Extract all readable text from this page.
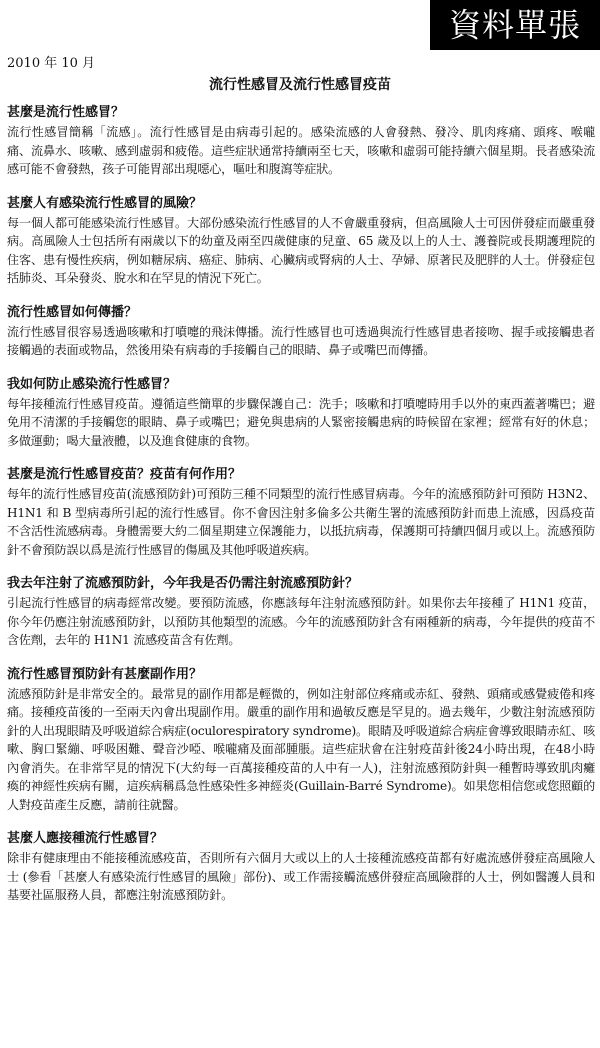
資料單張
2010 年 10 月
流行性感冒及流行性感冒疫苗

甚麼是流行性感冒？

流行性感冒簡稱「流感」。流行性感冒是由病毒引起的。感染流感的人會發熱、發冷、肌肉疼痛、頭疼、喉嚨痛、流鼻水、咳嗽、感到虛弱和疲倦。這些症狀通常持續兩至七天，咳嗽和虛弱可能持續六個星期。長者感染流感可能不會發熱，孩子可能胃部出現噁心，嘔吐和腹瀉等症狀。

甚麼人有感染流行性感冒的風險？

每一個人都可能感染流行性感冒。大部份感染流行性感冒的人不會嚴重發病，但高風險人士可因併發症而嚴重發病。高風險人士包括所有兩歲以下的幼童及兩至四歲健康的兒童、65 歲及以上的人士、護養院或長期護理院的住客、患有慢性疾病，例如糖尿病、癌症、肺病、心臟病或腎病的人士、孕婦、原著民及肥胖的人士。併發症包括肺炎、耳朵發炎、脫水和在罕見的情況下死亡。

流行性感冒如何傳播？

流行性感冒很容易透過咳嗽和打噴嚏的飛沫傳播。流行性感冒也可透過與流行性感冒患者接吻、握手或接觸患者接觸過的表面或物品，然後用染有病毒的手接觸自己的眼睛、鼻子或嘴巴而傳播。

我如何防止感染流行性感冒？

每年接種流行性感冒疫苗。遵循這些簡單的步驟保護自己：洗手；咳嗽和打噴嚏時用手以外的東西蓋著嘴巴；避免用不清潔的手接觸您的眼睛、鼻子或嘴巴；避免與患病的人緊密接觸患病的時候留在家裡；經常有好的休息；多做運動；喝大量液體，以及進食健康的食物。

甚麼是流行性感冒疫苗？疫苗有何作用？

每年的流行性感冒疫苗(流感預防針)可預防三種不同類型的流行性感冒病毒。今年的流感預防針可預防 H3N2、H1N1 和 B 型病毒所引起的流行性感冒。你不會因注射多倫多公共衛生署的流感預防針而患上流感，因爲疫苗不含活性流感病毒。身體需要大約二個星期建立保護能力，以抵抗病毒，保護期可持續四個月或以上。流感預防針不會預防誤以爲是流行性感冒的傷風及其他呼吸道疾病。

我去年注射了流感預防針，今年我是否仍需注射流感預防針？

引起流行性感冒的病毒經常改變。要預防流感，你應該每年注射流感預防針。如果你去年接種了 H1N1 疫苗，你今年仍應注射流感預防針，以預防其他類型的流感。今年的流感預防針含有兩種新的病毒，今年提供的疫苗不含佐劑，去年的 H1N1 流感疫苗含有佐劑。

流行性感冒預防針有甚麼副作用？

流感預防針是非常安全的。最常見的副作用都是輕微的，例如注射部位疼痛或赤紅、發熱、頭痛或感覺疲倦和疼痛。接種疫苗後的一至兩天內會出現副作用。嚴重的副作用和過敏反應是罕見的。過去幾年，少數注射流感預防針的人出現眼睛及呼吸道綜合病症(oculorespiratory syndrome)。眼睛及呼吸道綜合病症會導致眼睛赤紅、咳嗽、胸口緊繃、呼吸困難、聲音沙啞、喉嚨痛及面部腫脹。這些症狀會在注射疫苗針後24小時出現，在48小時內會消失。在非常罕見的情況下(大約每一百萬接種疫苗的人中有一人)，注射流感預防針與一種暫時導致肌肉癱瘓的神經性疾病有關，這疾病稱爲急性感染性多神經炎(Guillain-Barré Syndrome)。如果您相信您或您照顧的人對疫苗產生反應，請前往就醫。

甚麼人應接種流行性感冒？

除非有健康理由不能接種流感疫苗，否則所有六個月大或以上的人士接種流感疫苗都有好處流感併發症高風險人士 (參看「甚麼人有感染流行性感冒的風險」部份)、或工作需接觸流感併發症高風險群的人士，例如醫護人員和基要社區服務人員，都應注射流感預防針。
